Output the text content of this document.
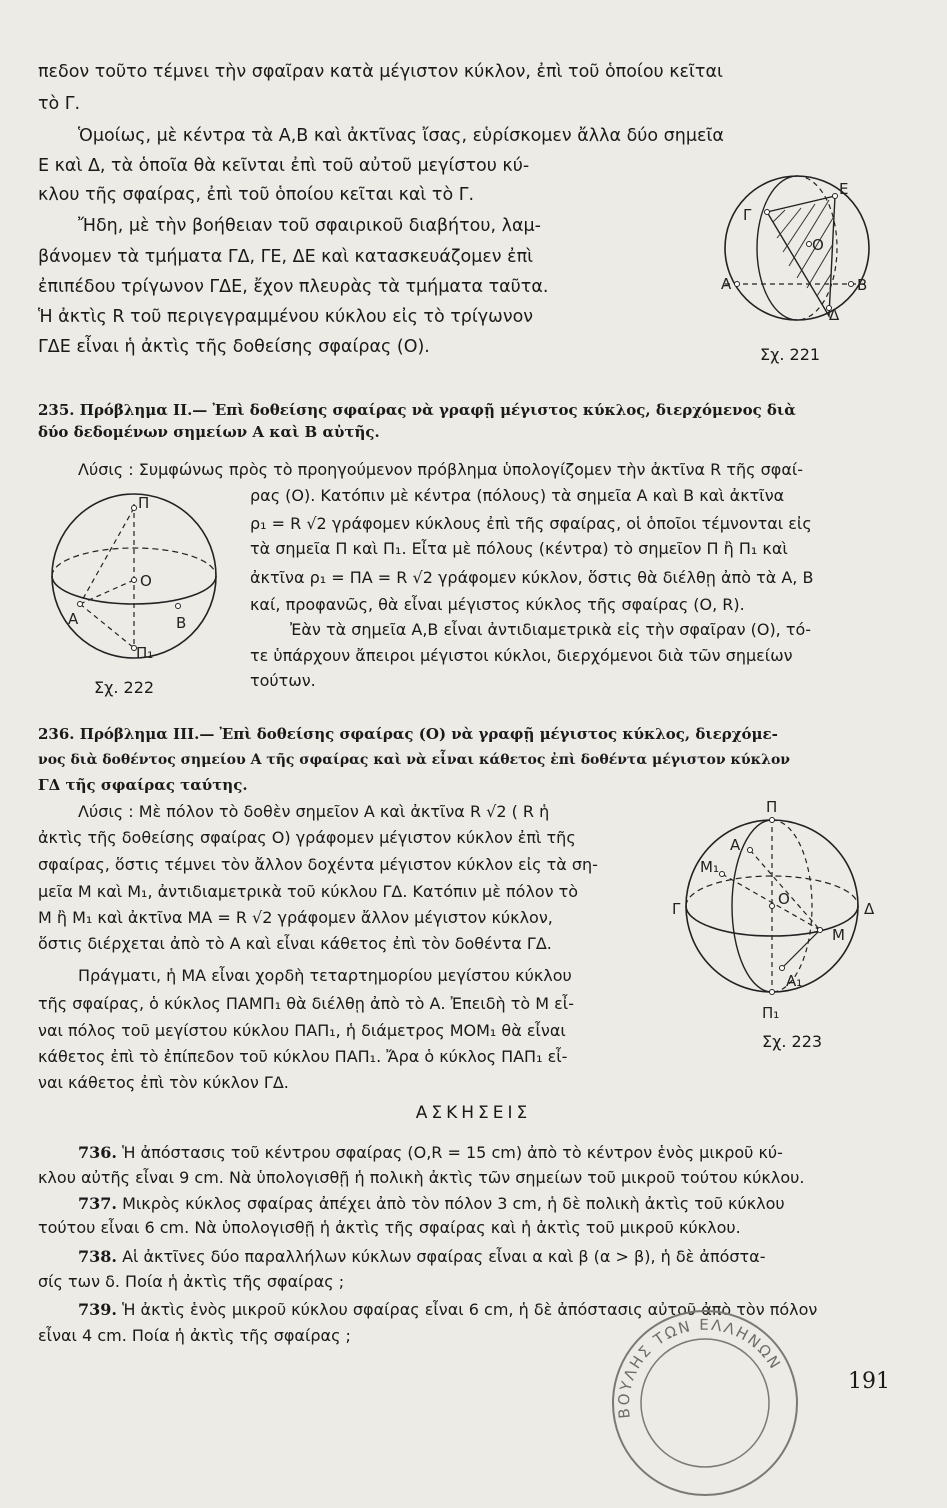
πεδον τοῦτο τέμνει τὴν σφαῖραν κατὰ μέγιστον κύκλον, ἐπὶ τοῦ ὁποίου κεῖται
τὸ Γ.
Ὁμοίως, μὲ κέντρα τὰ Α,Β καὶ ἀκτῖνας ἴσας, εὑρίσκομεν ἄλλα δύο σημεῖα
Ε καὶ Δ, τὰ ὁποῖα θὰ κεῖνται ἐπὶ τοῦ αὐτοῦ μεγίστου κύ-
κλου τῆς σφαίρας, ἐπὶ τοῦ ὁποίου κεῖται καὶ τὸ Γ.
Ἤδη, μὲ τὴν βοήθειαν τοῦ σφαιρικοῦ διαβήτου, λαμ-
βάνομεν τὰ τμήματα ΓΔ, ΓΕ, ΔΕ καὶ κατασκευάζομεν ἐπὶ
ἐπιπέδου τρίγωνον ΓΔΕ, ἔχον πλευρὰς τὰ τμήματα ταῦτα.
Ἡ ἀκτὶς R τοῦ περιγεγραμμένου κύκλου εἰς τὸ τρίγωνον
ΓΔΕ εἶναι ἡ ἀκτὶς τῆς δοθείσης σφαίρας (Ο).
Γ
Ε
Ο
Α	Β
Δ
Σχ. 221
235. Πρόβλημα ΙΙ.— Ἐπὶ δοθείσης σφαίρας νὰ γραφῇ μέγιστος κύκλος, διερχόμενος διὰ
δύο δεδομένων σημείων Α καὶ Β αὐτῆς.
Λύσις : Συμφώνως πρὸς τὸ προηγούμενον πρόβλημα ὑπολογίζομεν τὴν ἀκτῖνα R τῆς σφαί-
ρας (Ο). Κατόπιν μὲ κέντρα (πόλους) τὰ σημεῖα Α καὶ Β καὶ ἀκτῖνα
ρ₁ = R √2 γράφομεν κύκλους ἐπὶ τῆς σφαίρας, οἱ ὁποῖοι τέμνονται εἰς
τὰ σημεῖα Π καὶ Π₁. Εἶτα μὲ πόλους (κέντρα) τὸ σημεῖον Π ἢ Π₁ καὶ
ἀκτῖνα ρ₁ = ΠΑ = R √2 γράφομεν κύκλον, ὅστις θὰ διέλθῃ ἀπὸ τὰ Α, Β
καί, προφανῶς, θὰ εἶναι μέγιστος κύκλος τῆς σφαίρας (Ο, R).
Ἐὰν τὰ σημεῖα Α,Β εἶναι ἀντιδιαμετρικὰ εἰς τὴν σφαῖραν (Ο), τό-
τε ὑπάρχουν ἄπειροι μέγιστοι κύκλοι, διερχόμενοι διὰ τῶν σημείων
τούτων.
Π
Ο
Α	Β
Π₁
Σχ. 222
236. Πρόβλημα ΙΙΙ.— Ἐπὶ δοθείσης σφαίρας (Ο) νὰ γραφῇ μέγιστος κύκλος, διερχόμε-
νος διὰ δοθέντος σημείου Α τῆς σφαίρας καὶ νὰ εἶναι κάθετος ἐπὶ δοθέντα μέγιστον κύκλον
ΓΔ τῆς σφαίρας ταύτης.
Λύσις : Μὲ πόλον τὸ δοθὲν σημεῖον Α καὶ ἀκτῖνα R √2 ( R ἡ
ἀκτὶς τῆς δοθείσης σφαίρας Ο) γράφομεν μέγιστον κύκλον ἐπὶ τῆς
σφαίρας, ὅστις τέμνει τὸν ἄλλον δοχέντα μέγιστον κύκλον εἰς τὰ ση-
μεῖα Μ καὶ Μ₁, ἀντιδιαμετρικὰ τοῦ κύκλου ΓΔ. Κατόπιν μὲ πόλον τὸ
Μ ἢ Μ₁ καὶ ἀκτῖνα ΜΑ = R √2 γράφομεν ἄλλον μέγιστον κύκλον,
ὅστις διέρχεται ἀπὸ τὸ Α καὶ εἶναι κάθετος ἐπὶ τὸν δοθέντα ΓΔ.
Πράγματι, ἡ ΜΑ εἶναι χορδὴ τεταρτημορίου μεγίστου κύκλου
τῆς σφαίρας, ὁ κύκλος ΠΑΜΠ₁ θὰ διέλθῃ ἀπὸ τὸ Α. Ἐπειδὴ τὸ Μ εἶ-
ναι πόλος τοῦ μεγίστου κύκλου ΠΑΠ₁, ἡ διάμετρος ΜΟΜ₁ θὰ εἶναι
κάθετος ἐπὶ τὸ ἐπίπεδον τοῦ κύκλου ΠΑΠ₁. Ἄρα ὁ κύκλος ΠΑΠ₁ εἶ-
ναι κάθετος ἐπὶ τὸν κύκλον ΓΔ.
Π
Α
Μ₁
Γ
Ο
Δ
Μ
Α₁
Π₁
Σχ. 223
ΑΣΚΗΣΕΙΣ
736. Ἡ ἀπόστασις τοῦ κέντρου σφαίρας (O,R = 15 cm) ἀπὸ τὸ κέντρον ἑνὸς μικροῦ κύ-
κλου αὐτῆς εἶναι 9 cm. Νὰ ὑπολογισθῇ ἡ πολικὴ ἀκτὶς τῶν σημείων τοῦ μικροῦ τούτου κύκλου.
737. Μικρὸς κύκλος σφαίρας ἀπέχει ἀπὸ τὸν πόλον 3 cm, ἡ δὲ πολικὴ ἀκτὶς τοῦ κύκλου
τούτου εἶναι 6 cm. Νὰ ὑπολογισθῇ ἡ ἀκτὶς τῆς σφαίρας καὶ ἡ ἀκτὶς τοῦ μικροῦ κύκλου.
738. Αἱ ἀκτῖνες δύο παραλλήλων κύκλων σφαίρας εἶναι α καὶ β (α > β), ἡ δὲ ἀπόστα-
σίς των δ. Ποία ἡ ἀκτὶς τῆς σφαίρας ;
739. Ἡ ἀκτὶς ἑνὸς μικροῦ κύκλου σφαίρας εἶναι 6 cm, ἡ δὲ ἀπόστασις αὐτοῦ ἀπὸ τὸν πόλον
εἶναι 4 cm. Ποία ἡ ἀκτὶς τῆς σφαίρας ;
ΒΟΥΛΗΣ ΤΩΝ ΕΛΛΗΝΩΝ
191
